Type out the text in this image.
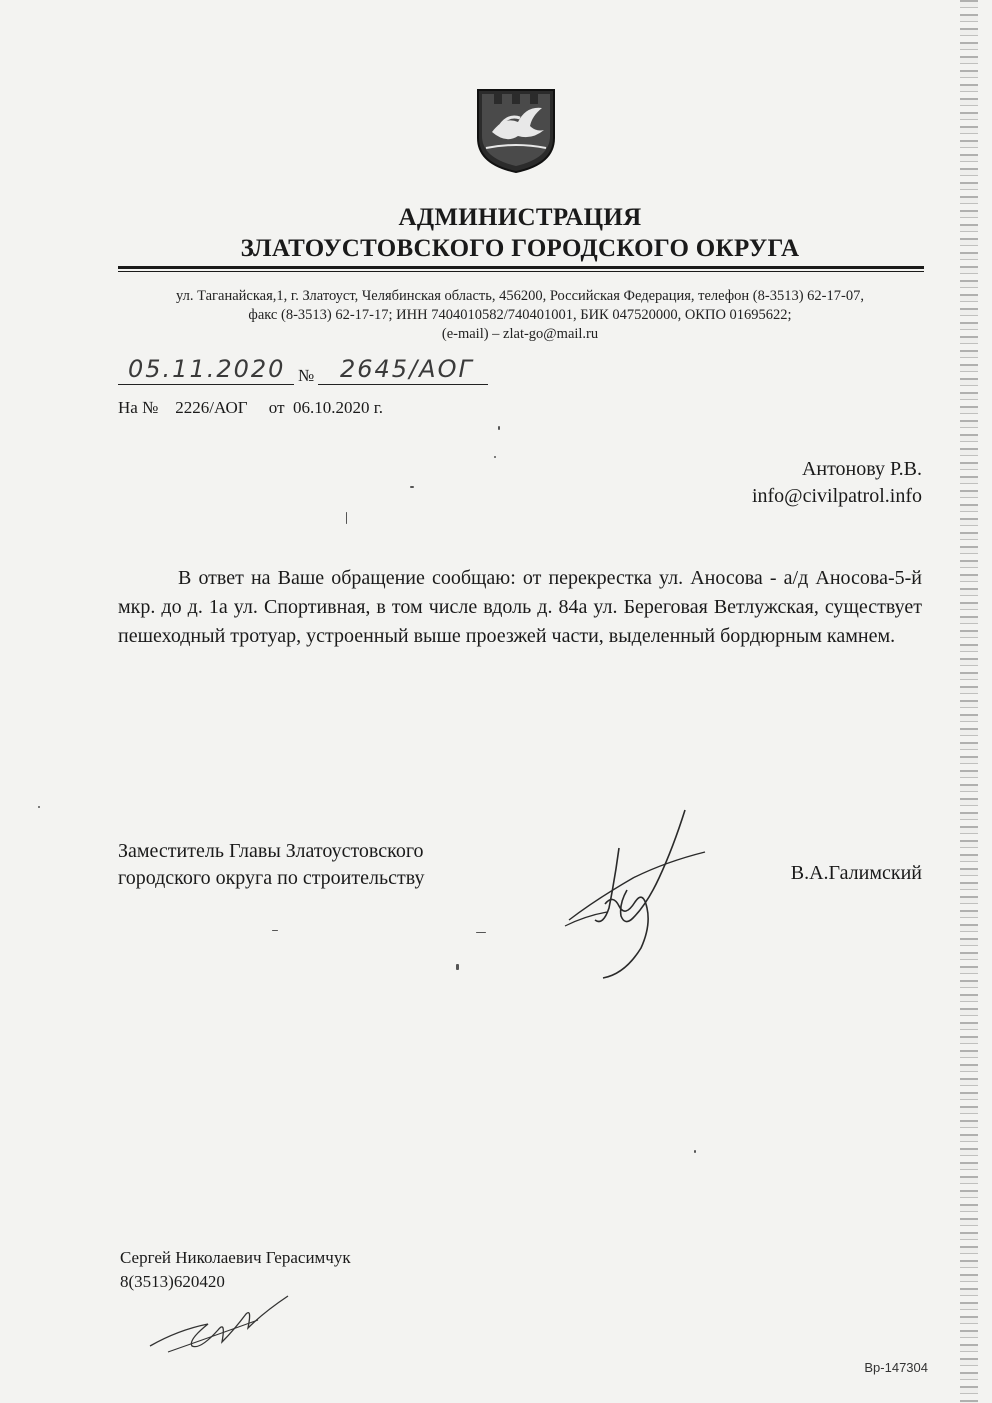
АДМИНИСТРАЦИЯ
ЗЛАТОУСТОВСКОГО ГОРОДСКОГО ОКРУГА
ул. Таганайская,1, г. Златоуст, Челябинская область, 456200, Российская Федерация, телефон (8-3513) 62-17-07,
факс (8-3513) 62-17-17; ИНН 7404010582/740401001, БИК 047520000, ОКПО 01695622;
(e-mail) – zlat-go@mail.ru
05.11.2020 № 2645/АОГ
На №    2226/АОГ     от  06.10.2020 г.
Антонову Р.В.
info@civilpatrol.info
В ответ на Ваше обращение сообщаю: от перекрестка ул. Аносова - а/д Аносова-5-й мкр. до д. 1а ул. Спортивная, в том числе вдоль д. 84а ул. Береговая Ветлужская, существует пешеходный тротуар, устроенный выше проезжей части, выделенный бордюрным камнем.
Заместитель Главы Златоустовского
городского округа по строительству	В.А.Галимский
Сергей Николаевич Герасимчук
8(3513)620420
Вр-147304
